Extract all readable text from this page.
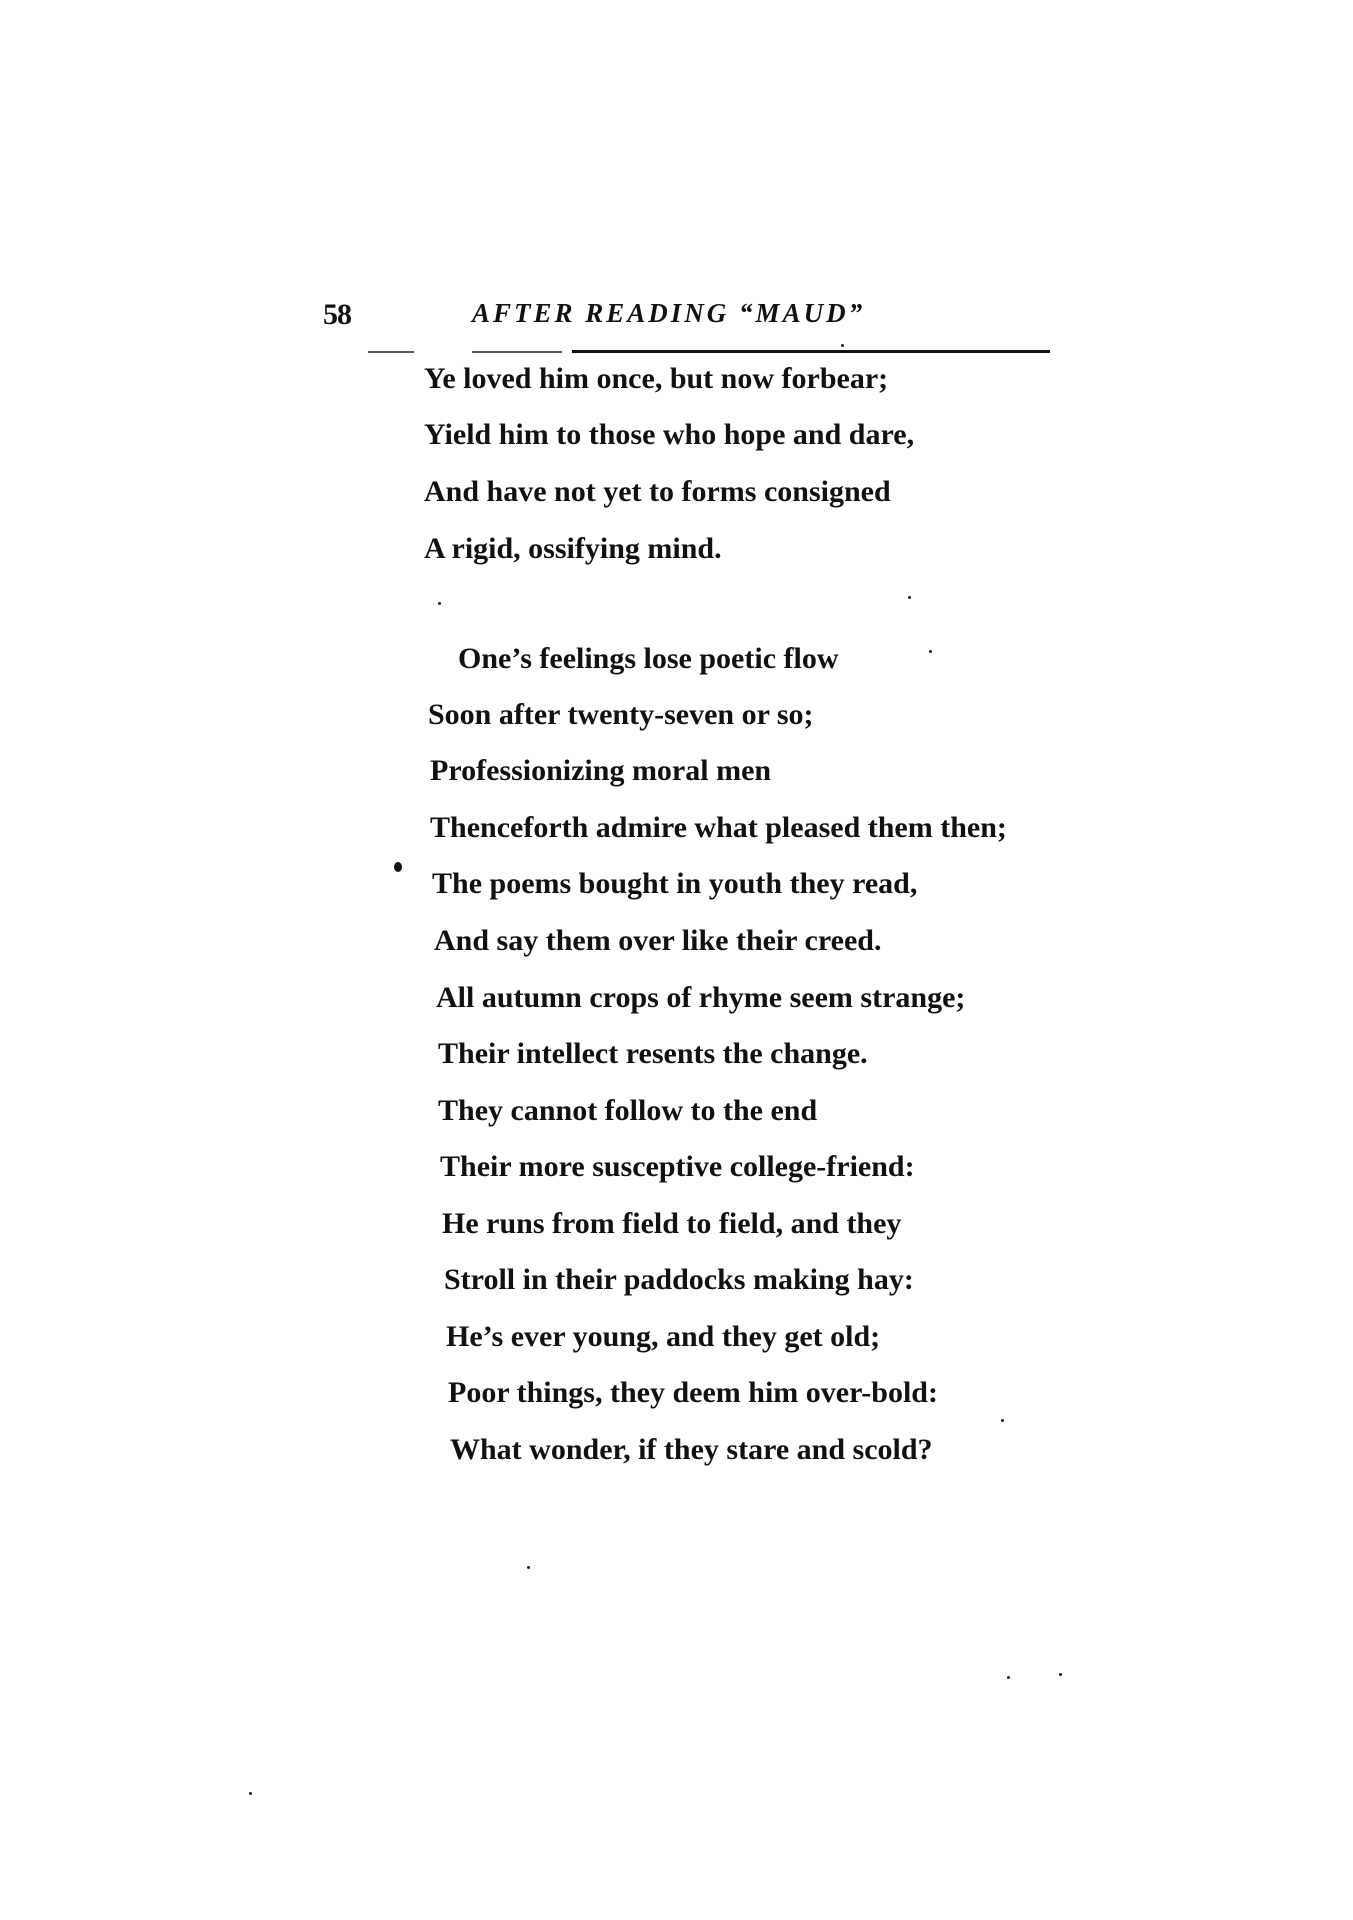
58	AFTER READING “MAUD”
Ye loved him once, but now forbear;
Yield him to those who hope and dare,
And have not yet to forms consigned
A rigid, ossifying mind.
One’s feelings lose poetic flow
Soon after twenty-seven or so;
Professionizing moral men
Thenceforth admire what pleased them then;
The poems bought in youth they read,
And say them over like their creed.
All autumn crops of rhyme seem strange;
Their intellect resents the change.
They cannot follow to the end
Their more susceptive college-friend:
He runs from field to field, and they
Stroll in their paddocks making hay:
He’s ever young, and they get old;
Poor things, they deem him over-bold:
What wonder, if they stare and scold?
